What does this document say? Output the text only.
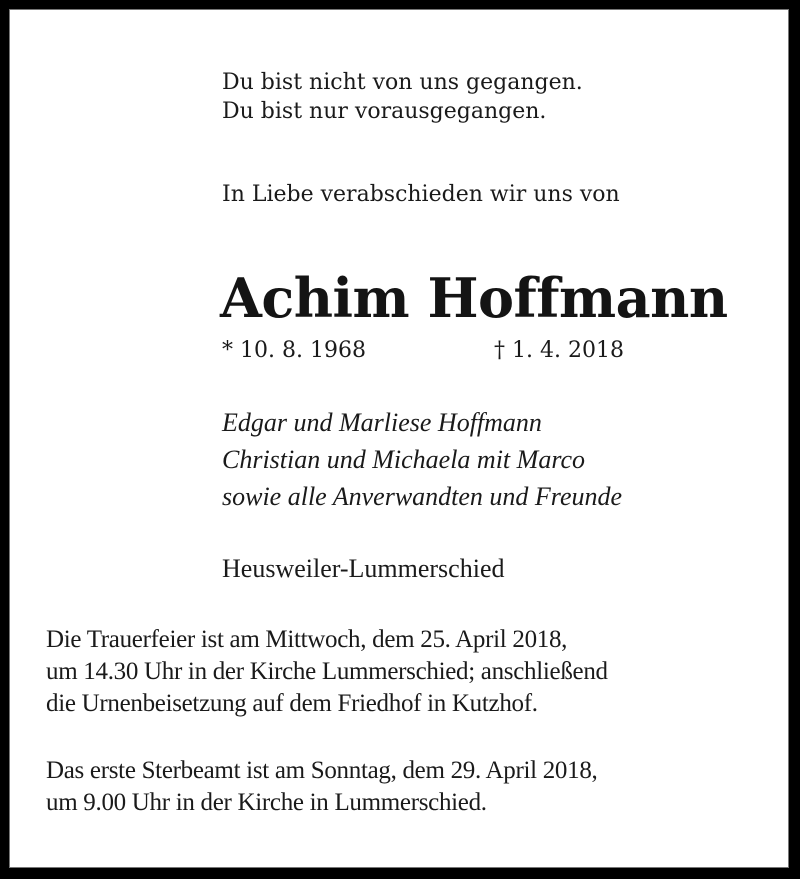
Du bist nicht von uns gegangen.
Du bist nur vorausgegangen.
In Liebe verabschieden wir uns von
Achim Hoffmann
* 10. 8. 1968	† 1. 4. 2018
Edgar und Marliese Hoffmann
Christian und Michaela mit Marco
sowie alle Anverwandten und Freunde
Heusweiler-Lummerschied
Die Trauerfeier ist am Mittwoch, dem 25. April 2018,
um 14.30 Uhr in der Kirche Lummerschied; anschließend
die Urnenbeisetzung auf dem Friedhof in Kutzhof.
Das erste Sterbeamt ist am Sonntag, dem 29. April 2018,
um 9.00 Uhr in der Kirche in Lummerschied.
